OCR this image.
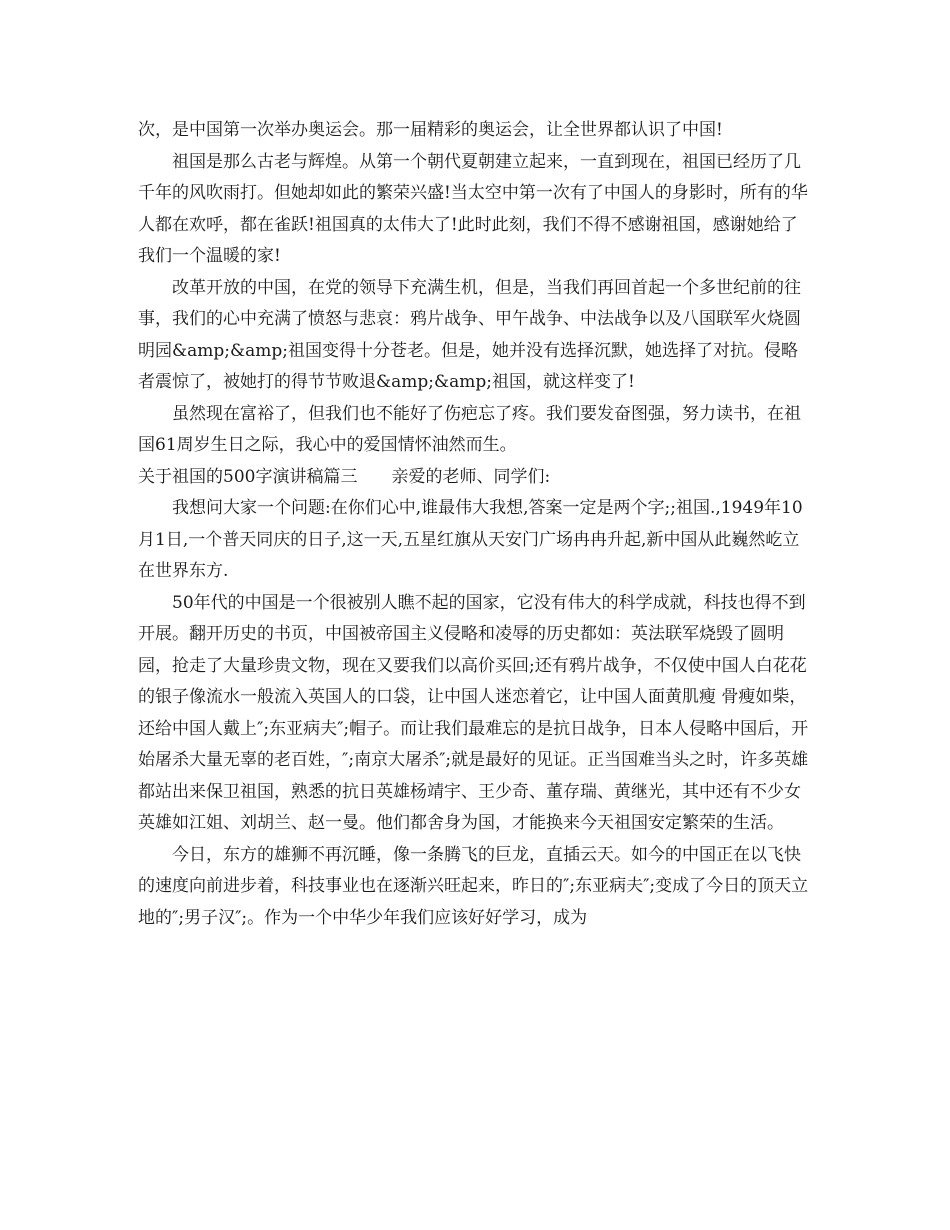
次，是中国第一次举办奥运会。那一届精彩的奥运会，让全世界都认识了中国!

祖国是那么古老与辉煌。从第一个朝代夏朝建立起来，一直到现在，祖国已经历了几千年的风吹雨打。但她却如此的繁荣兴盛!当太空中第一次有了中国人的身影时，所有的华人都在欢呼，都在雀跃!祖国真的太伟大了!此时此刻，我们不得不感谢祖国，感谢她给了我们一个温暖的家!

改革开放的中国，在党的领导下充满生机，但是，当我们再回首起一个多世纪前的往事，我们的心中充满了愤怒与悲哀：鸦片战争、甲午战争、中法战争以及八国联军火烧圆明园&amp;&amp;祖国变得十分苍老。但是，她并没有选择沉默，她选择了对抗。侵略者震惊了，被她打的得节节败退&amp;&amp;祖国，就这样变了!

虽然现在富裕了，但我们也不能好了伤疤忘了疼。我们要发奋图强，努力读书，在祖国61周岁生日之际，我心中的爱国情怀油然而生。

关于祖国的500字演讲稿篇三 亲爱的老师、同学们:

我想问大家一个问题:在你们心中,谁最伟大我想,答案一定是两个字;;祖国.,1949年10月1日,一个普天同庆的日子,这一天,五星红旗从天安门广场冉冉升起,新中国从此巍然屹立在世界东方.

50年代的中国是一个很被别人瞧不起的国家，它没有伟大的科学成就，科技也得不到开展。翻开历史的书页，中国被帝国主义侵略和凌辱的历史都如：英法联军烧毁了圆明园，抢走了大量珍贵文物，现在又要我们以高价买回;还有鸦片战争，不仅使中国人白花花的银子像流水一般流入英国人的口袋，让中国人迷恋着它，让中国人面黄肌瘦 骨瘦如柴，还给中国人戴上″;东亚病夫″;帽子。而让我们最难忘的是抗日战争，日本人侵略中国后，开始屠杀大量无辜的老百姓，″;南京大屠杀″;就是最好的见证。正当国难当头之时，许多英雄都站出来保卫祖国，熟悉的抗日英雄杨靖宇、王少奇、董存瑞、黄继光，其中还有不少女英雄如江姐、刘胡兰、赵一曼。他们都舍身为国，才能换来今天祖国安定繁荣的生活。

今日，东方的雄狮不再沉睡，像一条腾飞的巨龙，直插云天。如今的中国正在以飞快的速度向前进步着，科技事业也在逐渐兴旺起来，昨日的″;东亚病夫″;变成了今日的顶天立地的″;男子汉″;。作为一个中华少年我们应该好好学习，成为
